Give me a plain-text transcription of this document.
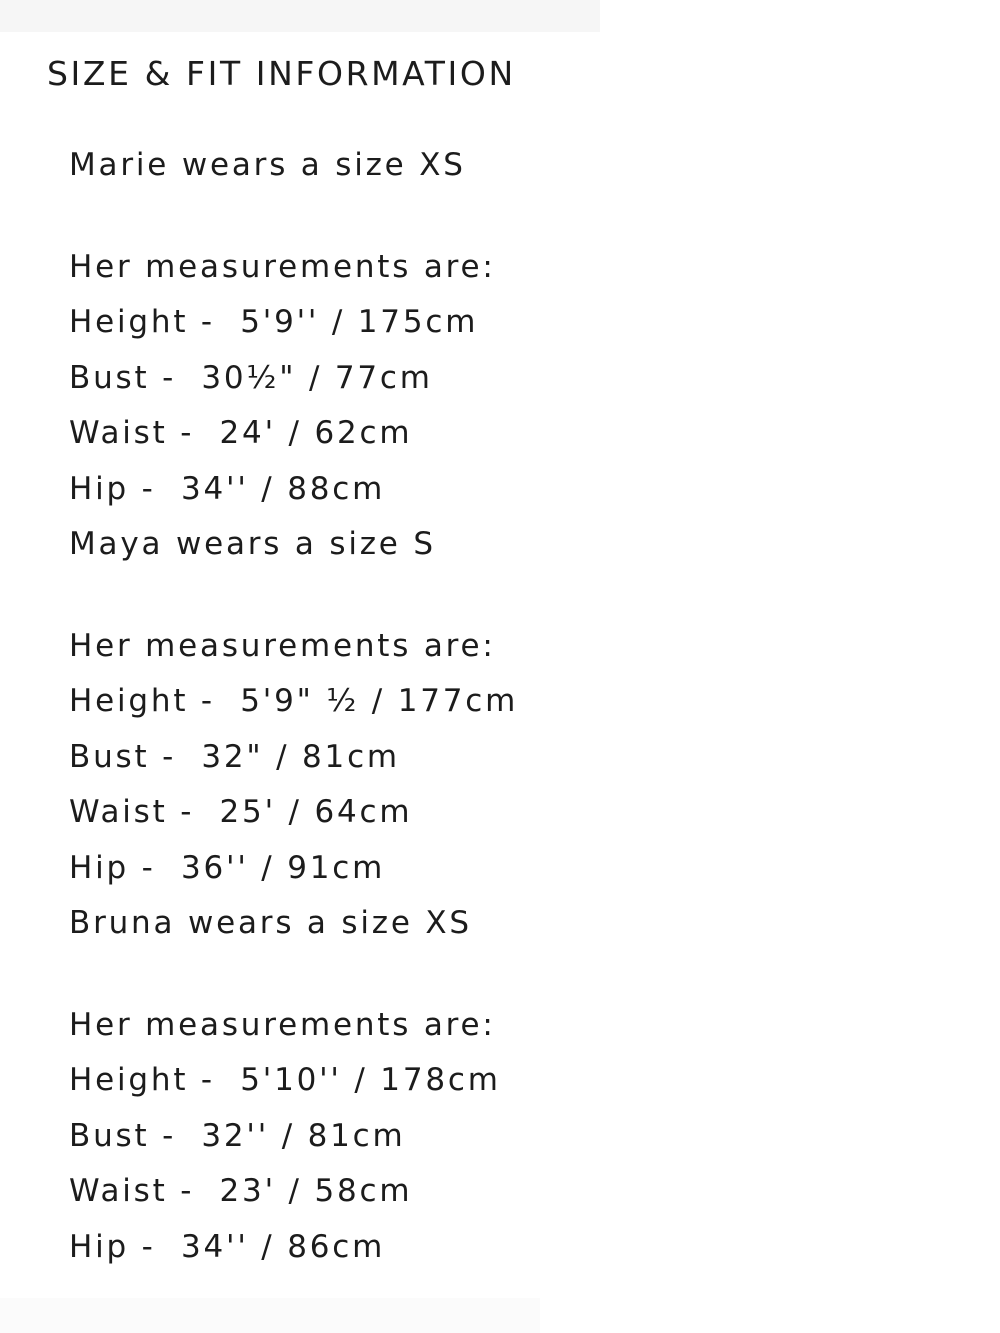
SIZE & FIT INFORMATION
Marie wears a size XS
Her measurements are:
Height -  5'9'' / 175cm
Bust -  30½" / 77cm
Waist -  24' / 62cm
Hip -  34'' / 88cm
Maya wears a size S
Her measurements are:
Height -  5'9" ½ / 177cm
Bust -  32" / 81cm
Waist -  25' / 64cm
Hip -  36'' / 91cm
Bruna wears a size XS
Her measurements are:
Height -  5'10'' / 178cm
Bust -  32'' / 81cm
Waist -  23' / 58cm
Hip -  34'' / 86cm
